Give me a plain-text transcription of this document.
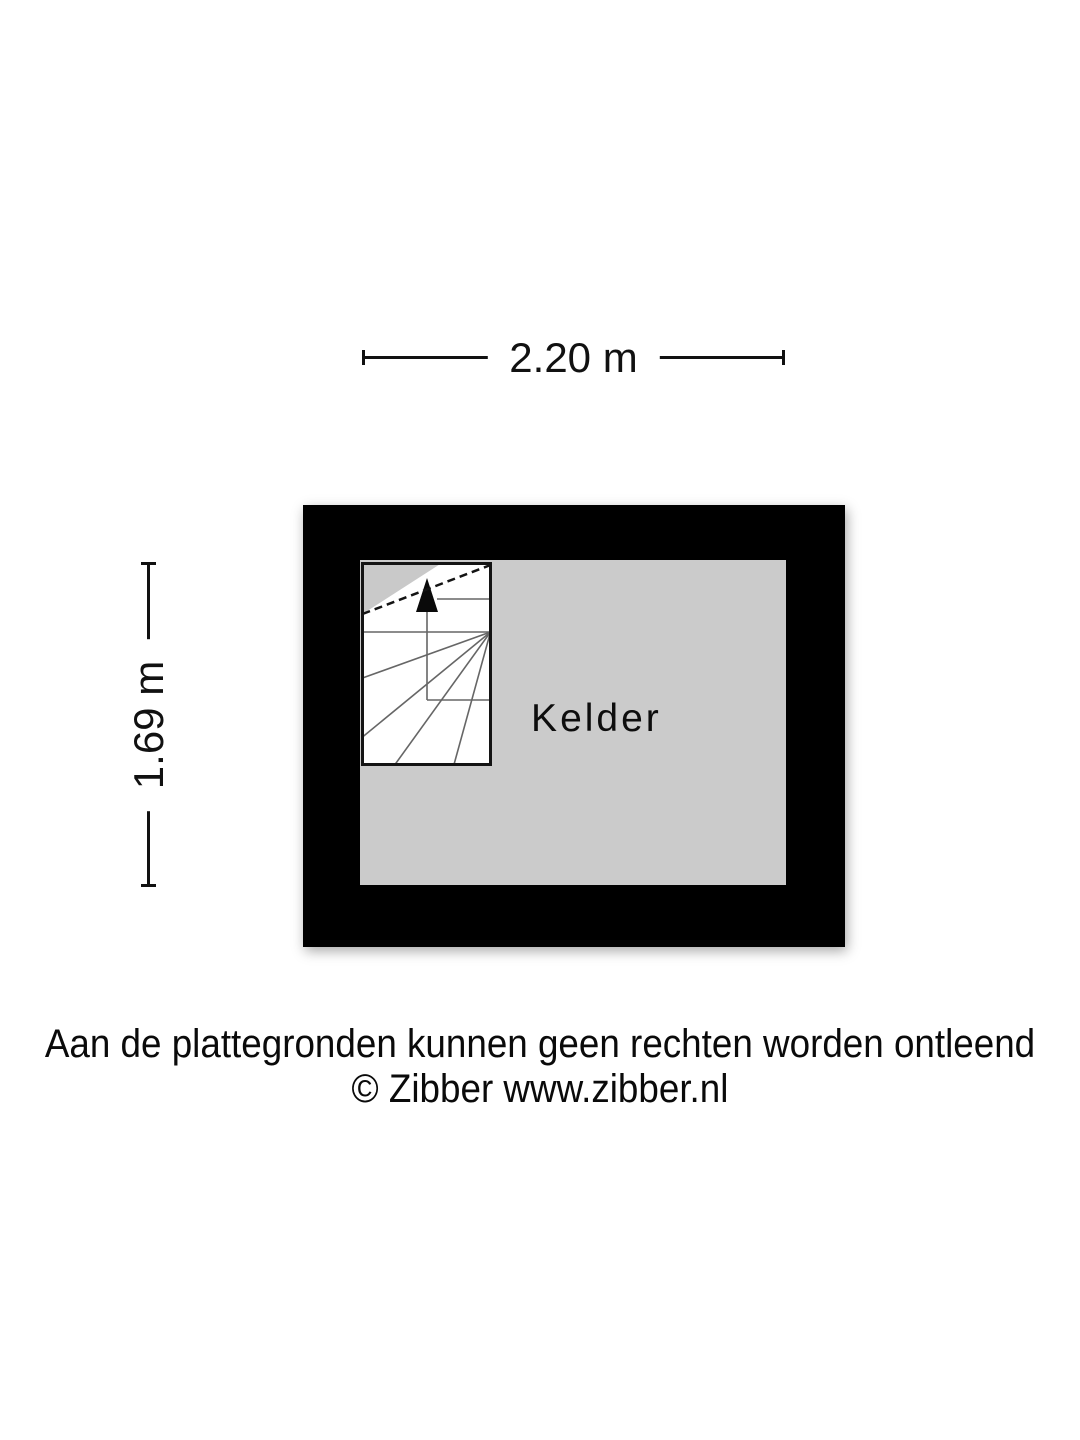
2.20 m
1.69 m	Kelder
Aan de plattegronden kunnen geen rechten worden ontleend
© Zibber www.zibber.nl
